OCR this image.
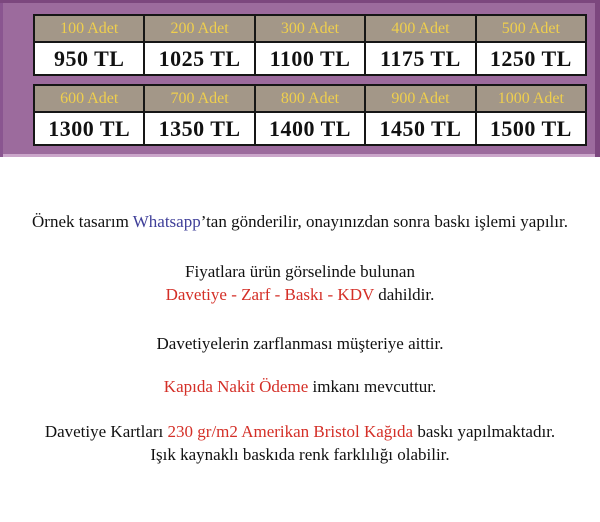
100 Adet	200 Adet	300 Adet	400 Adet	500 Adet
950 TL	1025 TL	1100 TL	1175 TL	1250 TL
600 Adet	700 Adet	800 Adet	900 Adet	1000 Adet
1300 TL	1350 TL	1400 TL	1450 TL	1500 TL

Örnek tasarım Whatsapp’tan gönderilir, onayınızdan sonra baskı işlemi yapılır.

Fiyatlara ürün görselinde bulunan
Davetiye - Zarf - Baskı - KDV dahildir.

Davetiyelerin zarflanması müşteriye aittir.

Kapıda Nakit Ödeme imkanı mevcuttur.

Davetiye Kartları 230 gr/m2 Amerikan Bristol Kağıda baskı yapılmaktadır.
Işık kaynaklı baskıda renk farklılığı olabilir.
